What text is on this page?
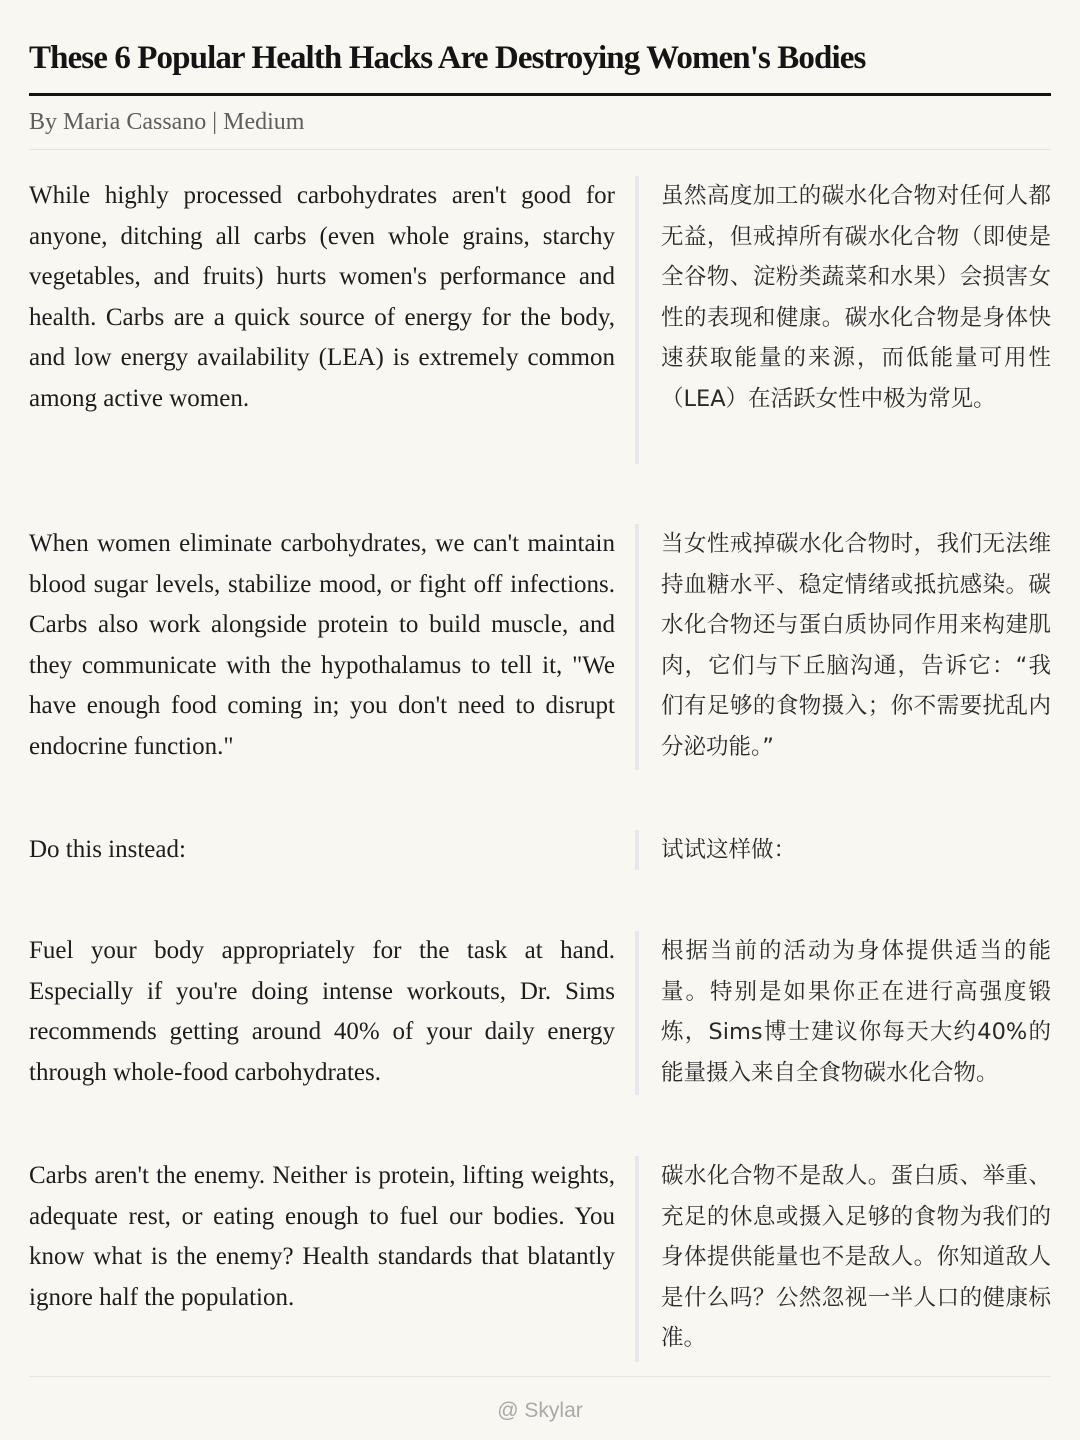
These 6 Popular Health Hacks Are Destroying Women's Bodies
By Maria Cassano | Medium
While highly processed carbohydrates aren't good for anyone, ditching all carbs (even whole grains, starchy vegetables, and fruits) hurts women's performance and health. Carbs are a quick source of energy for the body, and low energy availability (LEA) is extremely common among active women.
虽然高度加工的碳水化合物对任何人都无益，但戒掉所有碳水化合物（即使是全谷物、淀粉类蔬菜和水果）会损害女性的表现和健康。碳水化合物是身体快速获取能量的来源，而低能量可用性（LEA）在活跃女性中极为常见。
When women eliminate carbohydrates, we can't maintain blood sugar levels, stabilize mood, or fight off infections. Carbs also work alongside protein to build muscle, and they communicate with the hypothalamus to tell it, "We have enough food coming in; you don't need to disrupt endocrine function."
当女性戒掉碳水化合物时，我们无法维持血糖水平、稳定情绪或抵抗感染。碳水化合物还与蛋白质协同作用来构建肌肉，它们与下丘脑沟通，告诉它：“我们有足够的食物摄入；你不需要扰乱内分泌功能。”
Do this instead:	试试这样做：
Fuel your body appropriately for the task at hand. Especially if you're doing intense workouts, Dr. Sims recommends getting around 40% of your daily energy through whole-food carbohydrates.
根据当前的活动为身体提供适当的能量。特别是如果你正在进行高强度锻炼，Sims博士建议你每天大约40%的能量摄入来自全食物碳水化合物。
Carbs aren't the enemy. Neither is protein, lifting weights, adequate rest, or eating enough to fuel our bodies. You know what is the enemy? Health standards that blatantly ignore half the population.
碳水化合物不是敌人。蛋白质、举重、充足的休息或摄入足够的食物为我们的身体提供能量也不是敌人。你知道敌人是什么吗？公然忽视一半人口的健康标准。
@ Skylar
